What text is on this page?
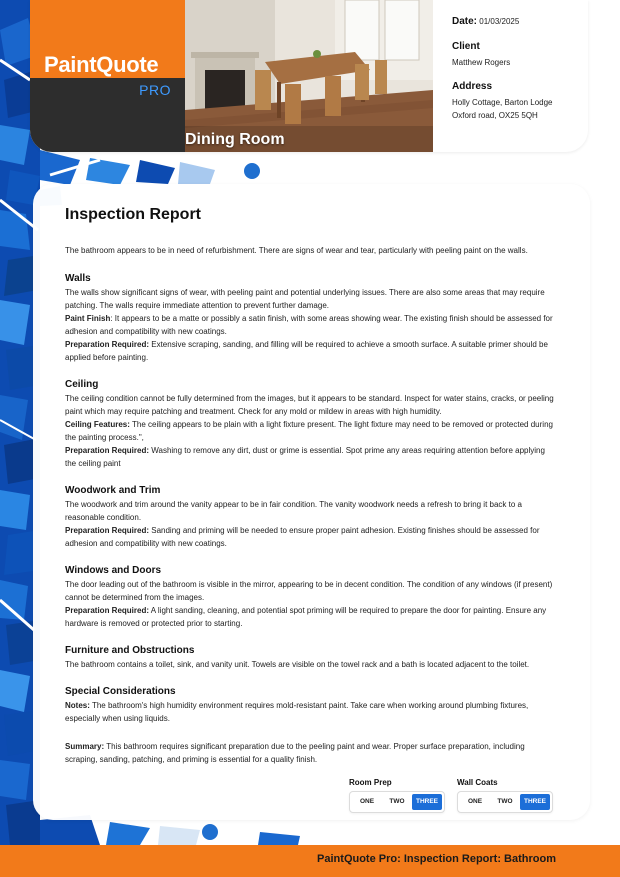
PaintQuote
PRO
Dining Room
Date: 01/03/2025
Client
Matthew Rogers
Address
Holly Cottage, Barton Lodge
Oxford road, OX25 5QH
Inspection Report

The bathroom appears to be in need of refurbishment. There are signs of wear and tear, particularly with peeling paint on the walls.

Walls

The walls show significant signs of wear, with peeling paint and potential underlying issues. There are also some areas that may require patching. The walls require immediate attention to prevent further damage.

Paint Finish: It appears to be a matte or possibly a satin finish, with some areas showing wear. The existing finish should be assessed for adhesion and compatibility with new coatings.

Preparation Required: Extensive scraping, sanding, and filling will be required to achieve a smooth surface. A suitable primer should be applied before painting.

Ceiling

The ceiling condition cannot be fully determined from the images, but it appears to be standard. Inspect for water stains, cracks, or peeling paint which may require patching and treatment. Check for any mold or mildew in areas with high humidity.

Ceiling Features: The ceiling appears to be plain with a light fixture present. The light fixture may need to be removed or protected during the painting process.",

Preparation Required: Washing to remove any dirt, dust or grime is essential. Spot prime any areas requiring attention before applying the ceiling paint

Woodwork and Trim

The woodwork and trim around the vanity appear to be in fair condition. The vanity woodwork needs a refresh to bring it back to a reasonable condition.

Preparation Required: Sanding and priming will be needed to ensure proper paint adhesion. Existing finishes should be assessed for adhesion and compatibility with new coatings.

Windows and Doors

The door leading out of the bathroom is visible in the mirror, appearing to be in decent condition. The condition of any windows (if present) cannot be determined from the images.

Preparation Required: A light sanding, cleaning, and potential spot priming will be required to prepare the door for painting. Ensure any hardware is removed or protected prior to starting.

Furniture and Obstructions

The bathroom contains a toilet, sink, and vanity unit. Towels are visible on the towel rack and a bath is located adjacent to the toilet.

Special Considerations

Notes: The bathroom's high humidity environment requires mold-resistant paint. Take care when working around plumbing fixtures, especially when using liquids.

Summary: This bathroom requires significant preparation due to the peeling paint and wear. Proper surface preparation, including scraping, sanding, patching, and priming is essential for a quality finish.

Room Prep
ONE	TWO	THREE
Wall Coats
ONE	TWO	THREE
PaintQuote Pro: Inspection Report: Bathroom
